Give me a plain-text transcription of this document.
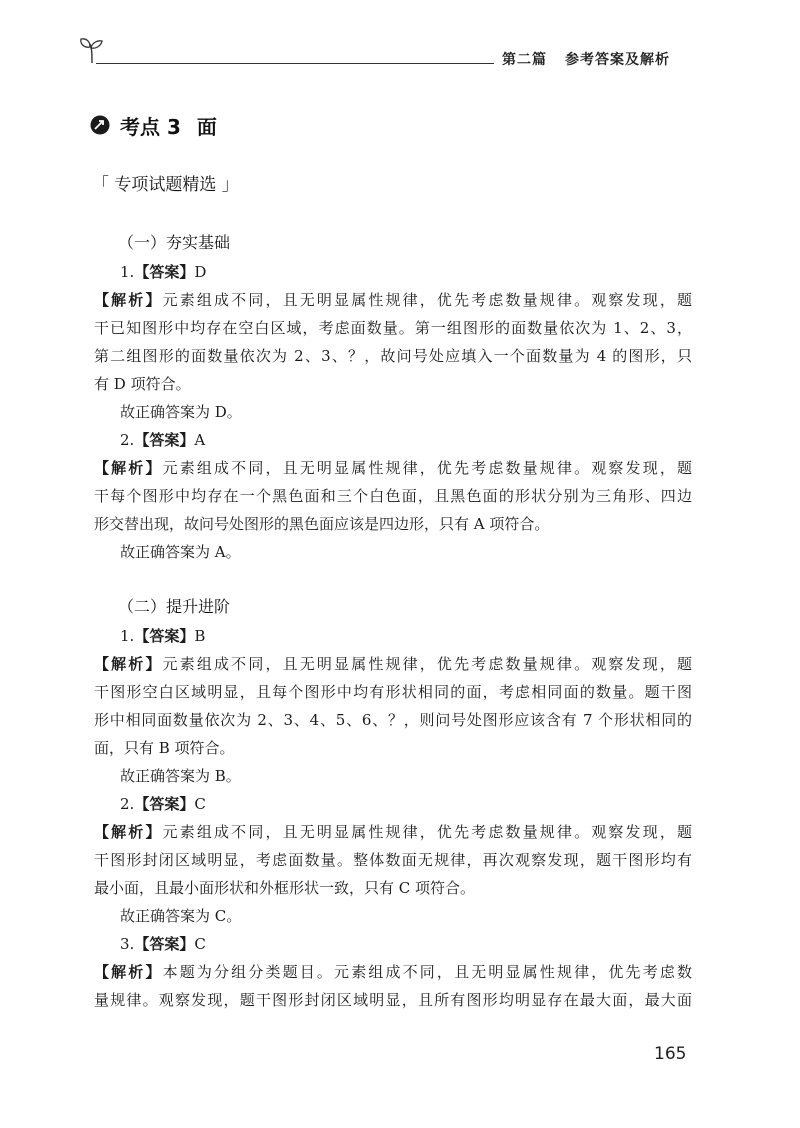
第二篇 参考答案及解析
考点 3 面
「 专项试题精选 」
（一）夯实基础
1.【答案】D
【解析】元素组成不同，且无明显属性规律，优先考虑数量规律。观察发现，题
干已知图形中均存在空白区域，考虑面数量。第一组图形的面数量依次为 1、2、3，
第二组图形的面数量依次为 2、3、？，故问号处应填入一个面数量为 4 的图形，只
有 D 项符合。
故正确答案为 D。
2.【答案】A
【解析】元素组成不同，且无明显属性规律，优先考虑数量规律。观察发现，题
干每个图形中均存在一个黑色面和三个白色面，且黑色面的形状分别为三角形、四边
形交替出现，故问号处图形的黑色面应该是四边形，只有 A 项符合。
故正确答案为 A。
（二）提升进阶
1.【答案】B
【解析】元素组成不同，且无明显属性规律，优先考虑数量规律。观察发现，题
干图形空白区域明显，且每个图形中均有形状相同的面，考虑相同面的数量。题干图
形中相同面数量依次为 2、3、4、5、6、？，则问号处图形应该含有 7 个形状相同的
面，只有 B 项符合。
故正确答案为 B。
2.【答案】C
【解析】元素组成不同，且无明显属性规律，优先考虑数量规律。观察发现，题
干图形封闭区域明显，考虑面数量。整体数面无规律，再次观察发现，题干图形均有
最小面，且最小面形状和外框形状一致，只有 C 项符合。
故正确答案为 C。
3.【答案】C
【解析】本题为分组分类题目。元素组成不同，且无明显属性规律，优先考虑数
量规律。观察发现，题干图形封闭区域明显，且所有图形均明显存在最大面，最大面
165
